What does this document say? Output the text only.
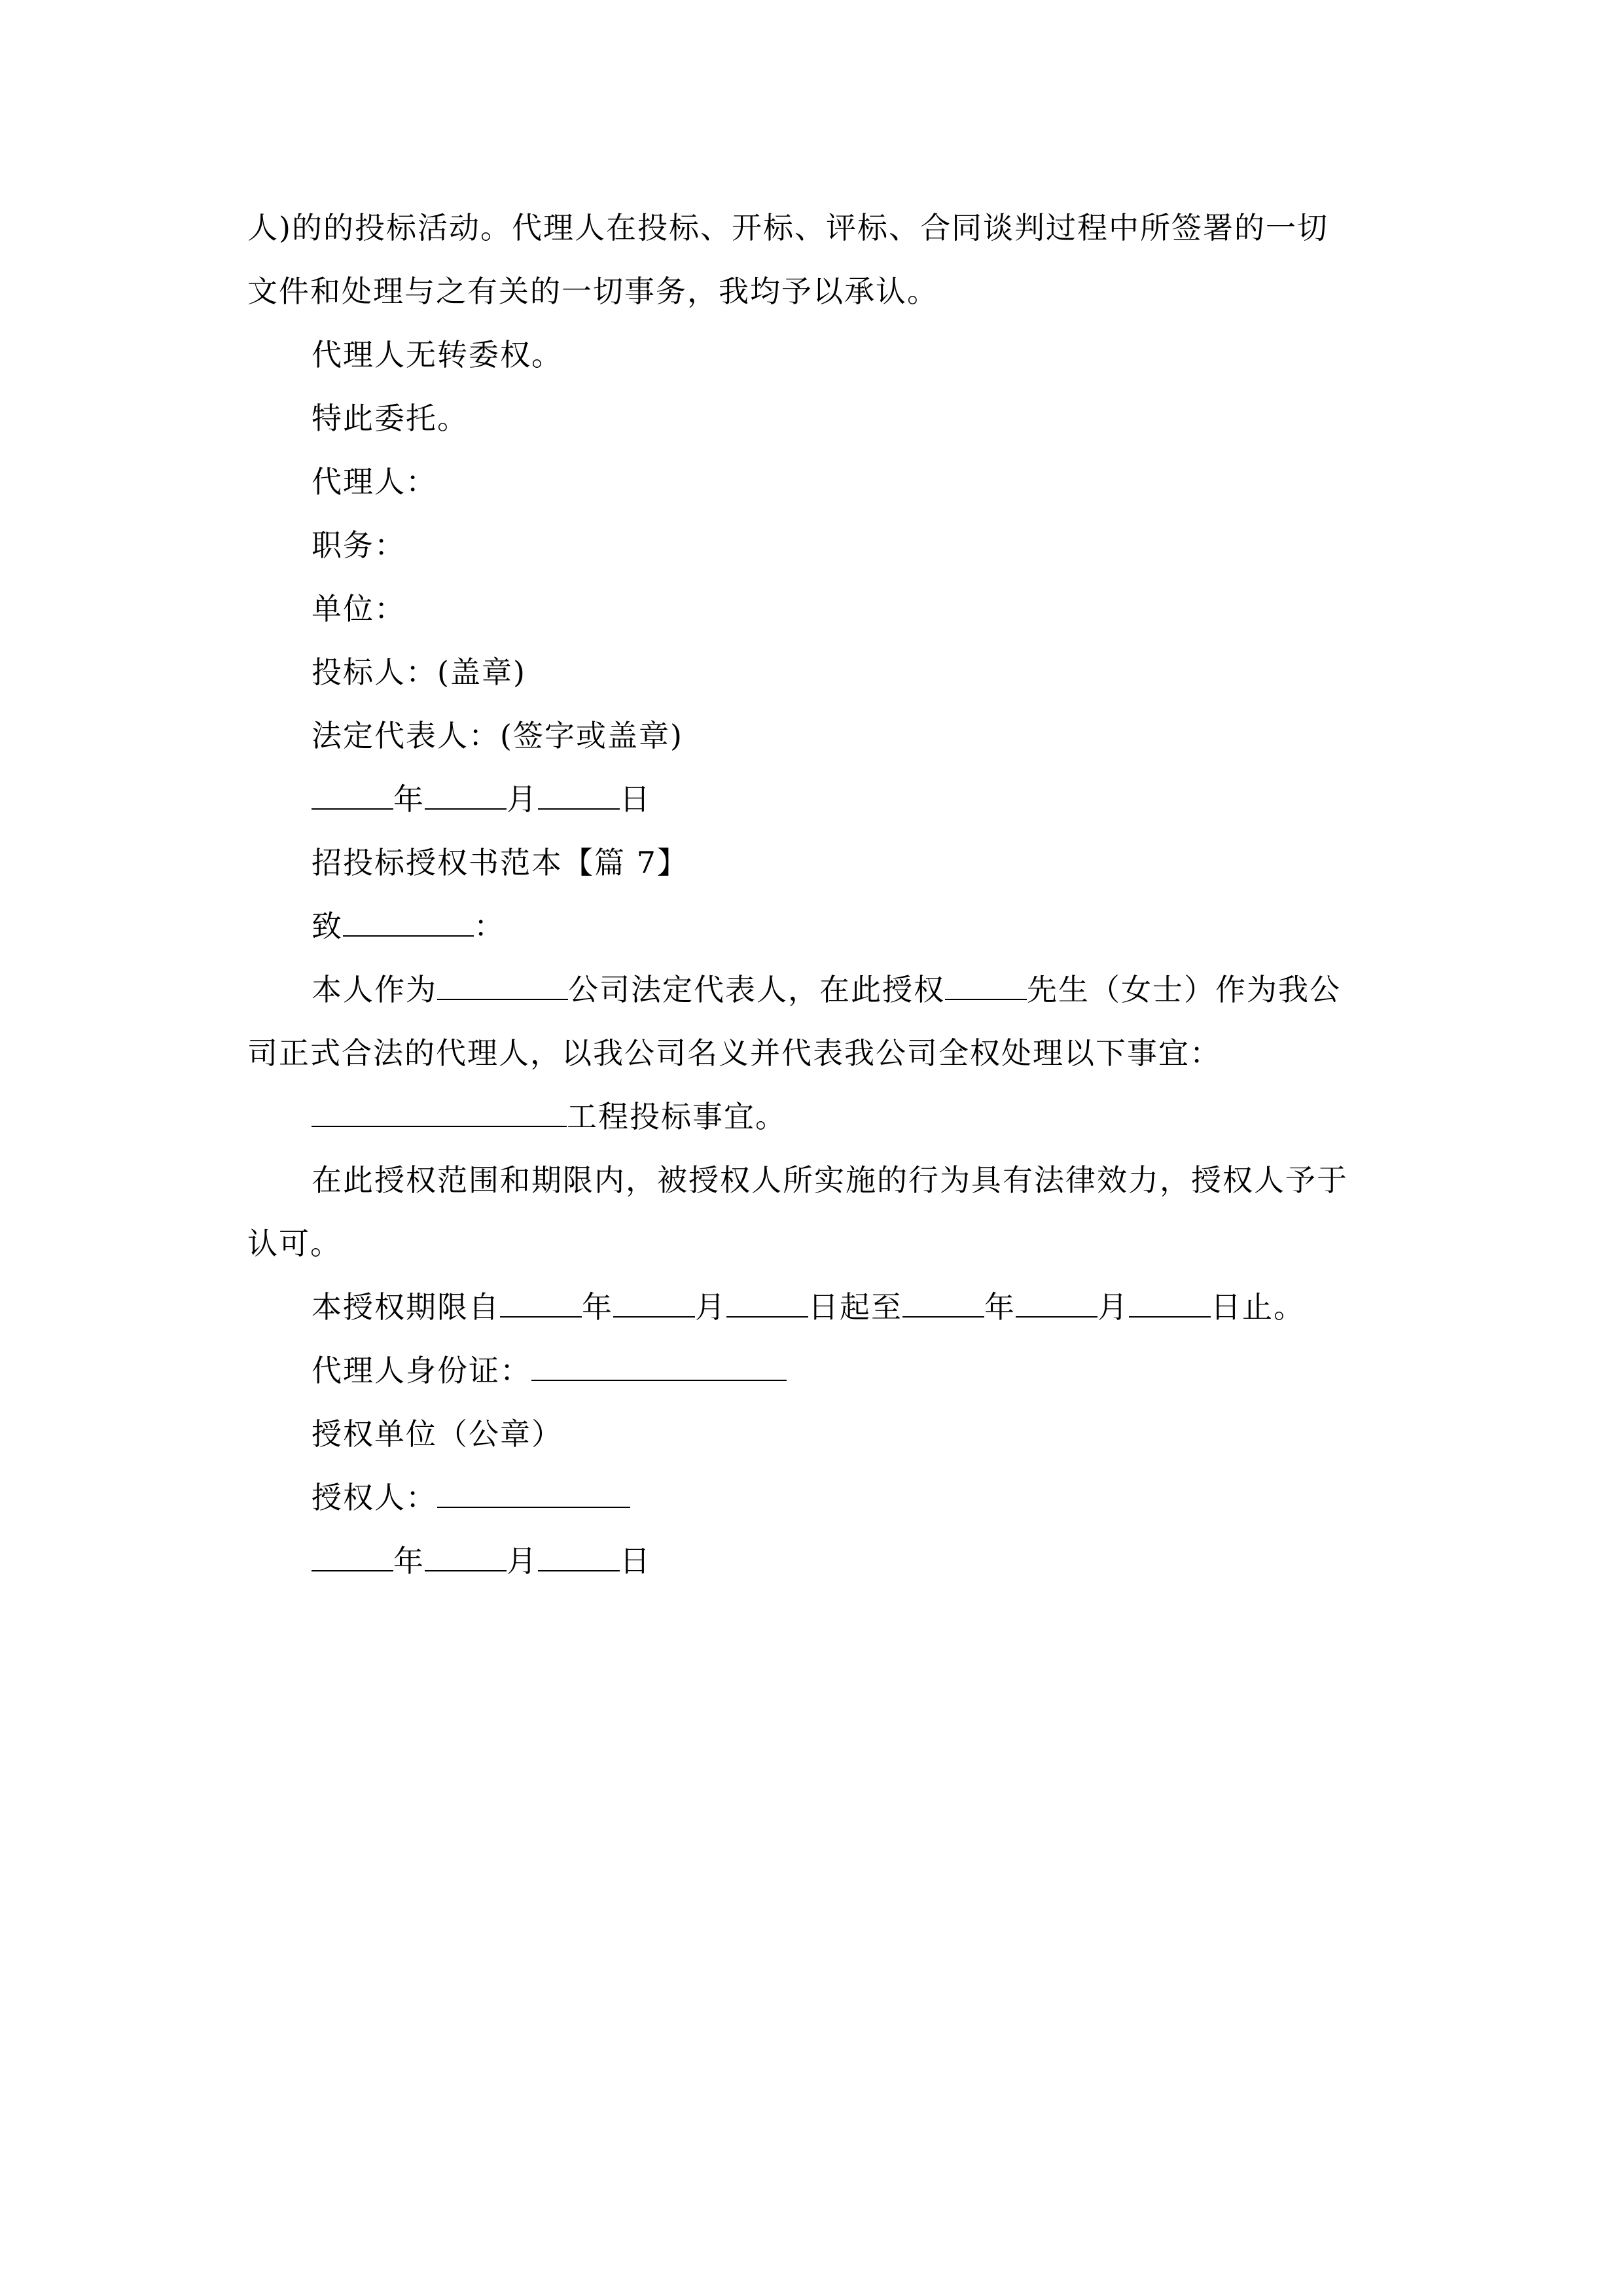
人)的的投标活动。代理人在投标、开标、评标、合同谈判过程中所签署的一切
文件和处理与之有关的一切事务，我均予以承认。
代理人无转委权。
特此委托。
代理人：
职务：
单位：
投标人：(盖章)
法定代表人：(签字或盖章)
年	月	日
招投标授权书范本【篇 7】
致	：
本人作为	公司法定代表人，在此授权	先生（女士）作为我公
司正式合法的代理人，以我公司名义并代表我公司全权处理以下事宜：
工程投标事宜。
在此授权范围和期限内，被授权人所实施的行为具有法律效力，授权人予于
认可。
本授权期限自	年	月	日起至	年	月	日止。
代理人身份证：
授权单位（公章）
授权人：
年	月	日
